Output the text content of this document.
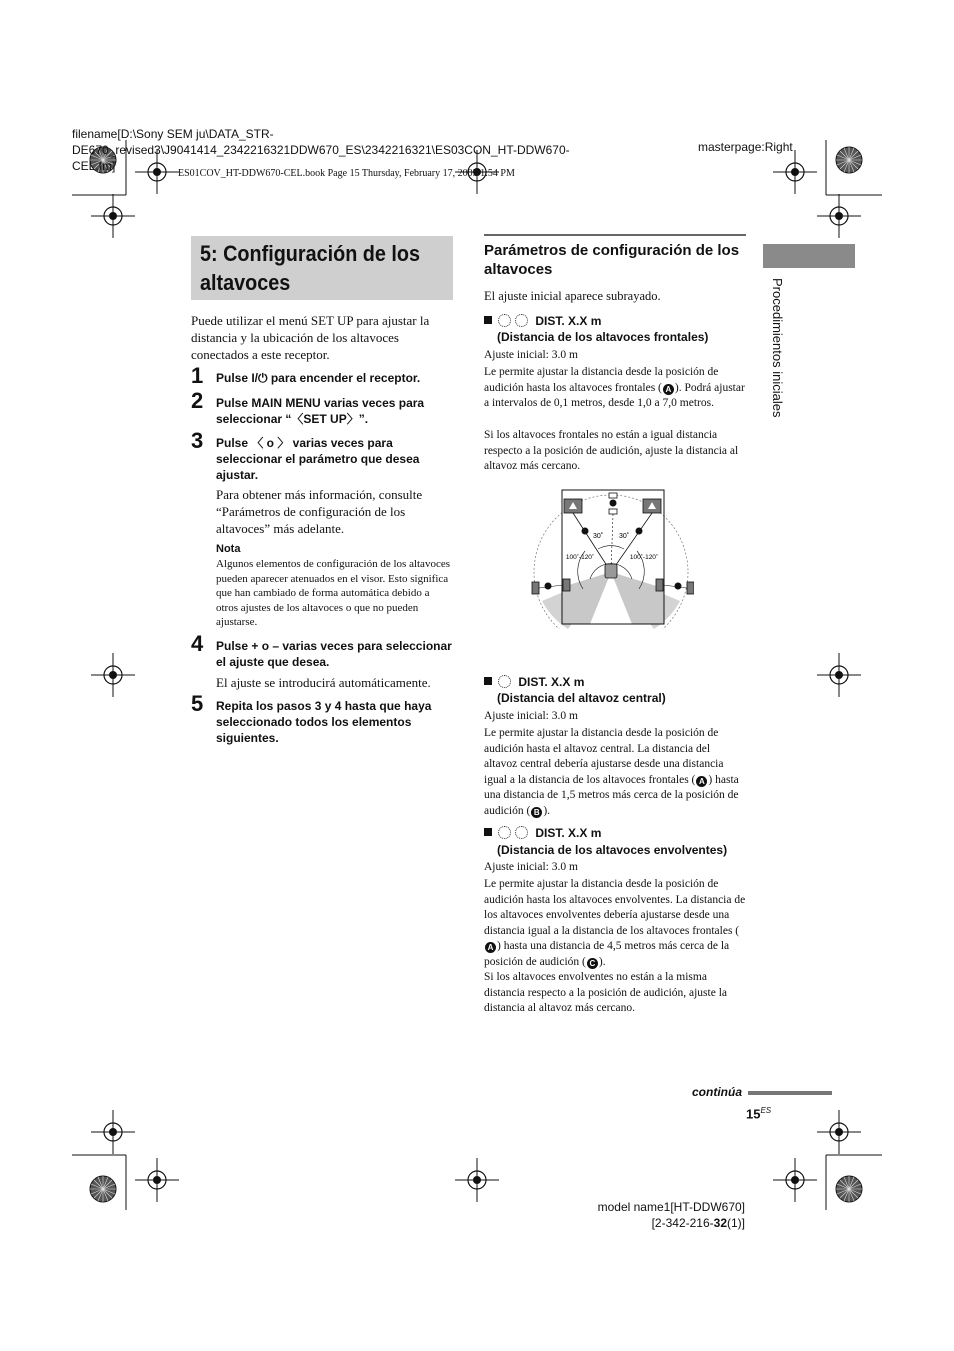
filename[D:\Sony SEM ju\DATA_STR-
DE670_revised3\J9041414_2342216321DDW670_ES\2342216321\ES03CON_HT-DDW670-
CEL.fm]
masterpage:Right
ES01COV_HT-DDW670-CEL.book Page 15 Thursday, February 17, 2005 1:54 PM
5: Configuración de los altavoces
Puede utilizar el menú SET UP para ajustar la distancia y la ubicación de los altavoces conectados a este receptor.
1 Pulse I/⏻ para encender el receptor.
2 Pulse MAIN MENU varias veces para seleccionar “〈SET UP〉”.
3 Pulse 〈 o 〉 varias veces para seleccionar el parámetro que desea ajustar.
Para obtener más información, consulte “Parámetros de configuración de los altavoces” más adelante.
Nota
Algunos elementos de configuración de los altavoces pueden aparecer atenuados en el visor. Esto significa que han cambiado de forma automática debido a otros ajustes de los altavoces o que no pueden ajustarse.
4 Pulse + o – varias veces para seleccionar el ajuste que desea.
El ajuste se introducirá automáticamente.
5 Repita los pasos 3 y 4 hasta que haya seleccionado todos los elementos siguientes.
Parámetros de configuración de los altavoces
El ajuste inicial aparece subrayado.
DIST. X.X m
(Distancia de los altavoces frontales)
Ajuste inicial: 3.0 m
Le permite ajustar la distancia desde la posición de audición hasta los altavoces frontales ( A ). Podrá ajustar a intervalos de 0,1 metros, desde 1,0 a 7,0 metros.
Si los altavoces frontales no están a igual distancia respecto a la posición de audición, ajuste la distancia al altavoz más cercano.
30˚ 30˚
100˚-120˚	100˚-120˚
DIST. X.X m
(Distancia del altavoz central)
Ajuste inicial: 3.0 m
Le permite ajustar la distancia desde la posición de audición hasta el altavoz central. La distancia del altavoz central debería ajustarse desde una distancia igual a la distancia de los altavoces frontales ( A ) hasta una distancia de 1,5 metros más cerca de la posición de audición ( B ).
DIST. X.X m
(Distancia de los altavoces envolventes)
Ajuste inicial: 3.0 m
Le permite ajustar la distancia desde la posición de audición hasta los altavoces envolventes. La distancia de los altavoces envolventes debería ajustarse desde una distancia igual a la distancia de los altavoces frontales (A ) hasta una distancia de 4,5 metros más cerca de la posición de audición ( C ).
Si los altavoces envolventes no están a la misma distancia respecto a la posición de audición, ajuste la distancia al altavoz más cercano.
Procedimientos iniciales
continúa
$15^{ES}$
model name1[HT-DDW670]
[2-342-216-32(1)]
